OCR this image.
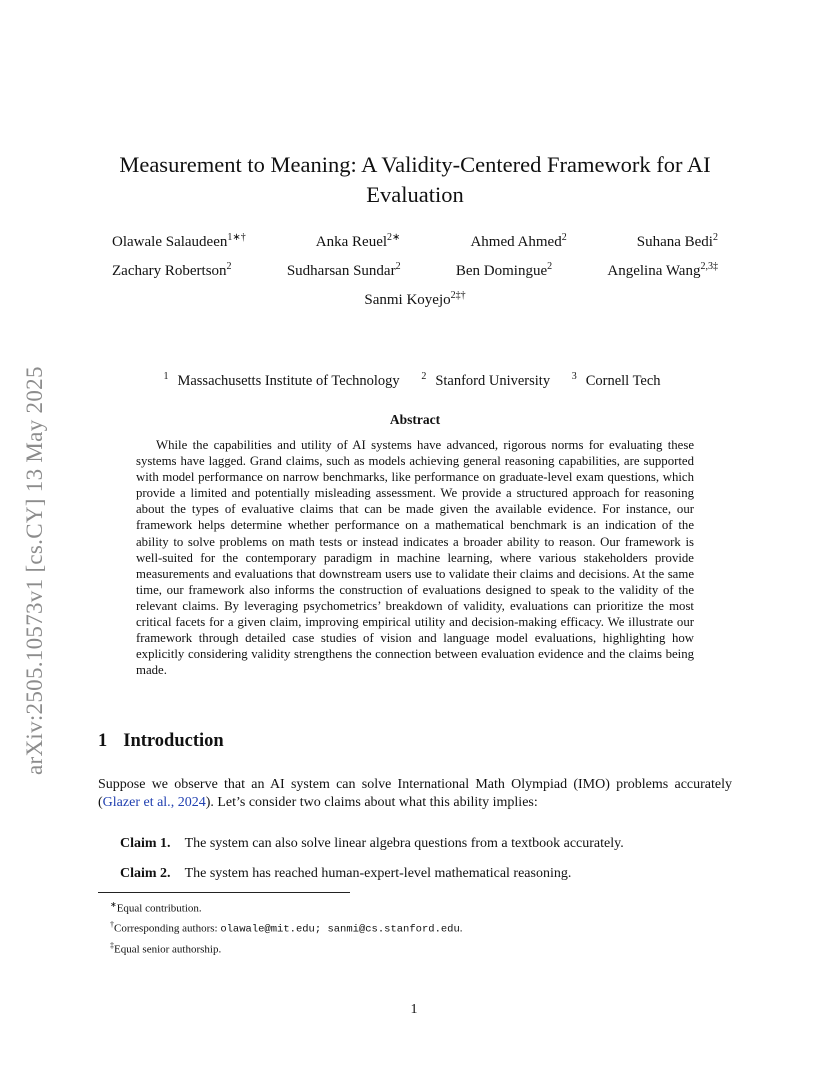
arXiv:2505.10573v1 [cs.CY] 13 May 2025
Measurement to Meaning: A Validity-Centered Framework for AI Evaluation
Olawale Salaudeen$^{1∗\dagger}$	Anka Reuel$^{2∗}$	Ahmed Ahmed$^2$	Suhana Bedi$^2$
Zachary Robertson$^2$	Sudharsan Sundar$^2$	Ben Domingue$^2$	Angelina Wang$^{2,3\ddagger}$
Sanmi Koyejo$^{2\ddagger\dagger}$
$^1$ Massachusetts Institute of Technology $^2$ Stanford University $^3$ Cornell Tech
Abstract
While the capabilities and utility of AI systems have advanced, rigorous norms for evaluating these systems have lagged. Grand claims, such as models achieving general reasoning capabilities, are supported with model performance on narrow benchmarks, like performance on graduate-level exam questions, which provide a limited and potentially misleading assessment. We provide a structured approach for reasoning about the types of evaluative claims that can be made given the available evidence. For instance, our framework helps determine whether performance on a mathematical benchmark is an indication of the ability to solve problems on math tests or instead indicates a broader ability to reason. Our framework is well-suited for the contemporary paradigm in machine learning, where various stakeholders provide measurements and evaluations that downstream users use to validate their claims and decisions. At the same time, our framework also informs the construction of evaluations designed to speak to the validity of the relevant claims. By leveraging psychometrics’ breakdown of validity, evaluations can prioritize the most critical facets for a given claim, improving empirical utility and decision-making efficacy. We illustrate our framework through detailed case studies of vision and language model evaluations, highlighting how explicitly considering validity strengthens the connection between evaluation evidence and the claims being made.
1 Introduction
Suppose we observe that an AI system can solve International Math Olympiad (IMO) problems accurately (Glazer et al., 2024). Let’s consider two claims about what this ability implies:
Claim 1. The system can also solve linear algebra questions from a textbook accurately.
Claim 2. The system has reached human-expert-level mathematical reasoning.
∗Equal contribution.
†Corresponding authors: olawale@mit.edu; sanmi@cs.stanford.edu.
‡Equal senior authorship.
1
